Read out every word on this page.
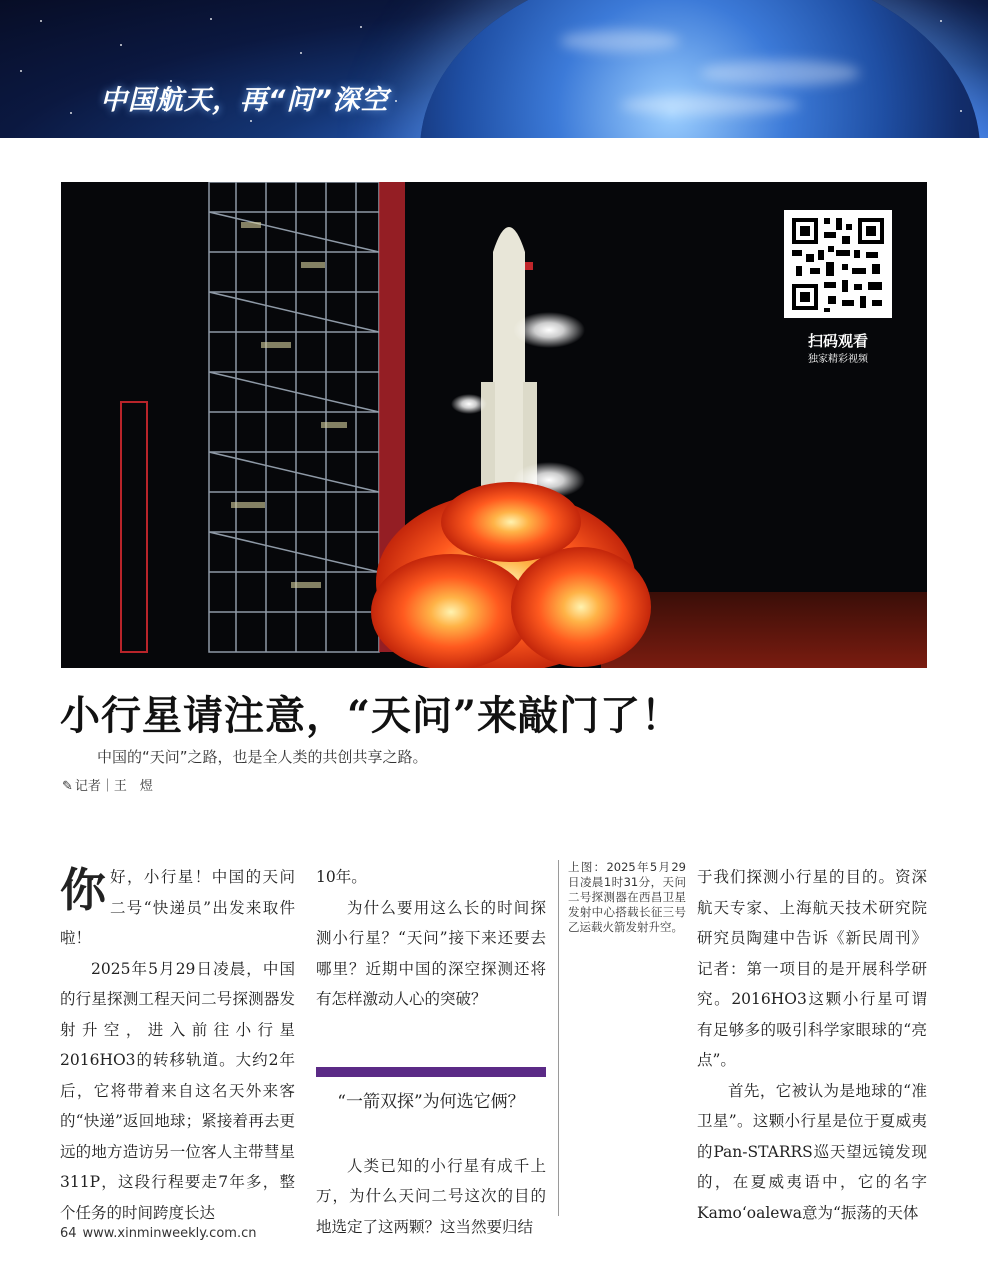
中国航天，再“问”深空
扫码观看
独家精彩视频
小行星请注意，“天问”来敲门了！
中国的“天问”之路，也是全人类的共创共享之路。
✎ 记者｜王　煜

你好，小行星！中国的天问二号“快递员”出发来取件啦！

2025年5月29日凌晨，中国的行星探测工程天问二号探测器发射升空，进入前往小行星2016HO3的转移轨道。大约2年后，它将带着来自这名天外来客的“快递”返回地球；紧接着再去更远的地方造访另一位客人主带彗星311P，这段行程要走7年多，整个任务的时间跨度长达

10年。

为什么要用这么长的时间探测小行星？“天问”接下来还要去哪里？近期中国的深空探测还将有怎样激动人心的突破？

“一箭双探”为何选它俩？

人类已知的小行星有成千上万，为什么天问二号这次的目的地选定了这两颗？这当然要归结

上图：2025年5月29日凌晨1时31分，天问二号探测器在西昌卫星发射中心搭载长征三号乙运载火箭发射升空。

于我们探测小行星的目的。资深航天专家、上海航天技术研究院研究员陶建中告诉《新民周刊》记者：第一项目的是开展科学研究。2016HO3这颗小行星可谓有足够多的吸引科学家眼球的“亮点”。

首先，它被认为是地球的“准卫星”。这颗小行星是位于夏威夷的Pan-STARRS巡天望远镜发现的，在夏威夷语中，它的名字Kamoʻoalewa意为“振荡的天体

64 www.xinminweekly.com.cn
